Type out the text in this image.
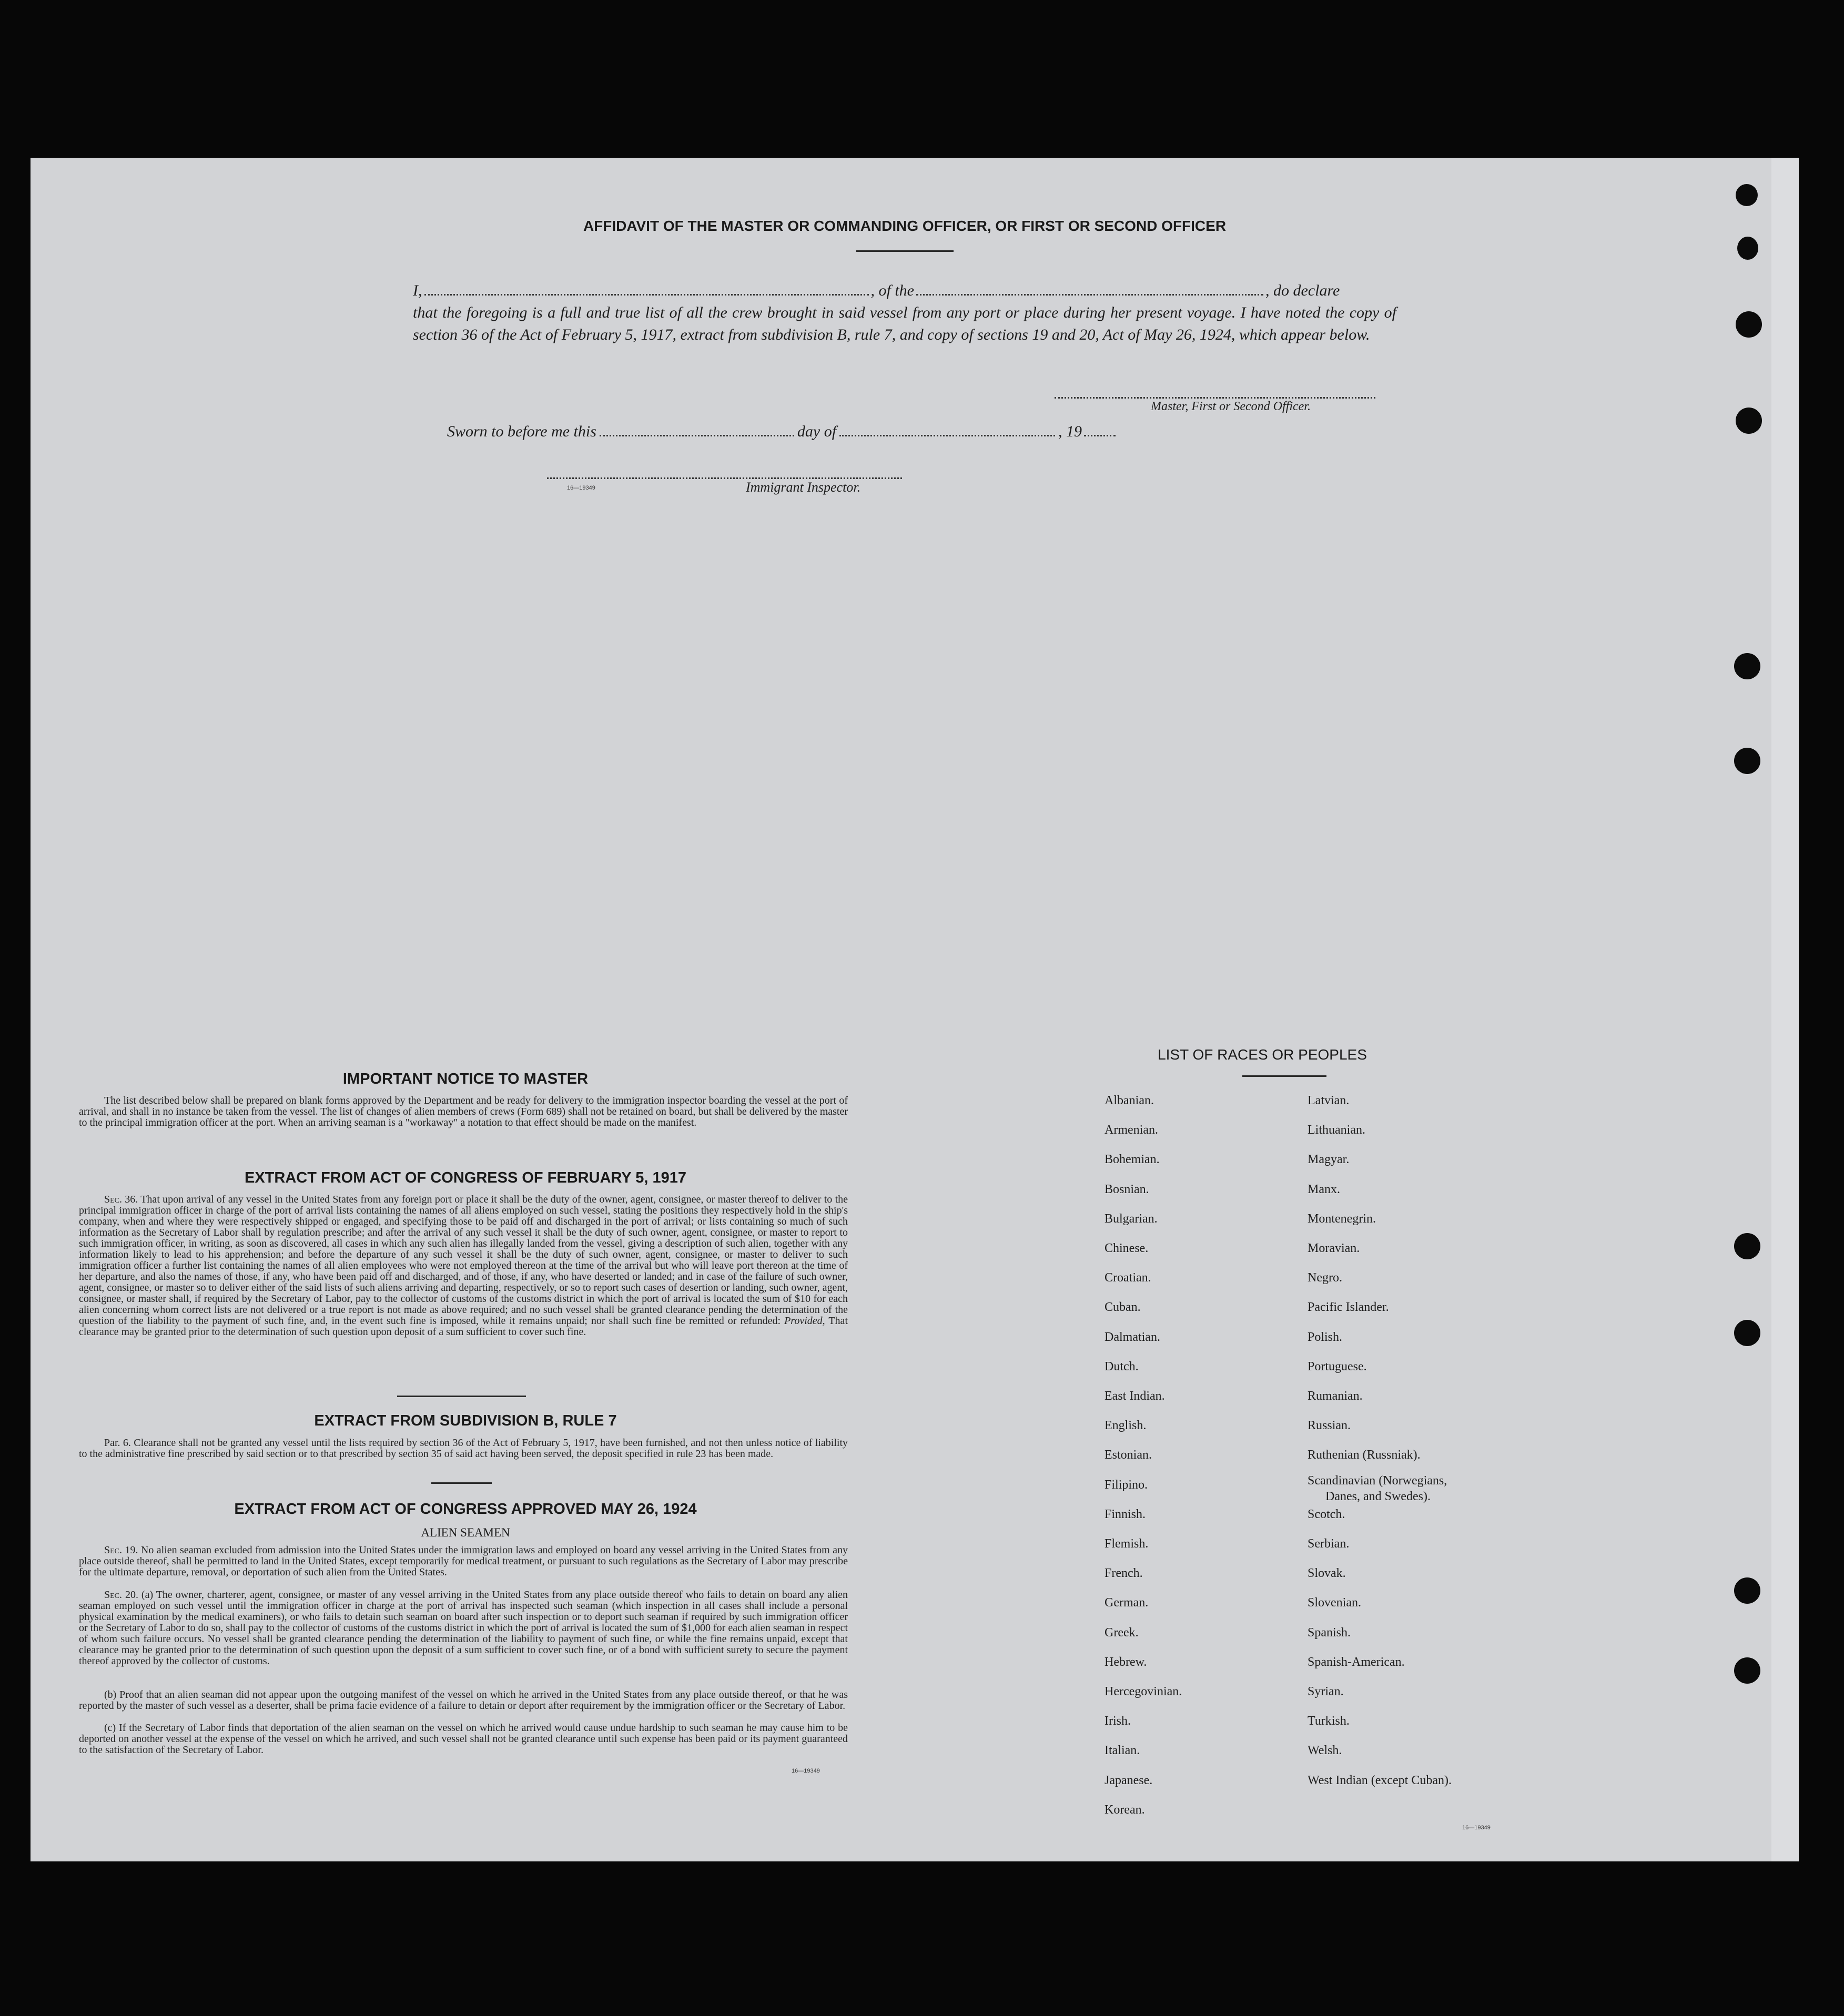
AFFIDAVIT OF THE MASTER OR COMMANDING OFFICER, OR FIRST OR SECOND OFFICER
I,	, of the	, do declare
that the foregoing is a full and true list of all the crew brought in said vessel from any port or place during her present voyage. I have noted the copy of section 36 of the Act of February 5, 1917, extract from subdivision B, rule 7, and copy of sections 19 and 20, Act of May 26, 1924, which appear below.
Master, First or Second Officer.
Sworn to before me this	day of	, 19
16—19349	Immigrant Inspector.
IMPORTANT NOTICE TO MASTER
The list described below shall be prepared on blank forms approved by the Department and be ready for delivery to the immigration inspector boarding the vessel at the port of arrival, and shall in no instance be taken from the vessel. The list of changes of alien members of crews (Form 689) shall not be retained on board, but shall be delivered by the master to the principal immigration officer at the port. When an arriving seaman is a "workaway" a notation to that effect should be made on the manifest.
EXTRACT FROM ACT OF CONGRESS OF FEBRUARY 5, 1917
Sec. 36. That upon arrival of any vessel in the United States from any foreign port or place it shall be the duty of the owner, agent, consignee, or master thereof to deliver to the principal immigration officer in charge of the port of arrival lists containing the names of all aliens employed on such vessel, stating the positions they respectively hold in the ship's company, when and where they were respectively shipped or engaged, and specifying those to be paid off and discharged in the port of arrival; or lists containing so much of such information as the Secretary of Labor shall by regulation prescribe; and after the arrival of any such vessel it shall be the duty of such owner, agent, consignee, or master to report to such immigration officer, in writing, as soon as discovered, all cases in which any such alien has illegally landed from the vessel, giving a description of such alien, together with any information likely to lead to his apprehension; and before the departure of any such vessel it shall be the duty of such owner, agent, consignee, or master to deliver to such immigration officer a further list containing the names of all alien employees who were not employed thereon at the time of the arrival but who will leave port thereon at the time of her departure, and also the names of those, if any, who have been paid off and discharged, and of those, if any, who have deserted or landed; and in case of the failure of such owner, agent, consignee, or master so to deliver either of the said lists of such aliens arriving and departing, respectively, or so to report such cases of desertion or landing, such owner, agent, consignee, or master shall, if required by the Secretary of Labor, pay to the collector of customs of the customs district in which the port of arrival is located the sum of $10 for each alien concerning whom correct lists are not delivered or a true report is not made as above required; and no such vessel shall be granted clearance pending the determination of the question of the liability to the payment of such fine, and, in the event such fine is imposed, while it remains unpaid; nor shall such fine be remitted or refunded: Provided, That clearance may be granted prior to the determination of such question upon deposit of a sum sufficient to cover such fine.
EXTRACT FROM SUBDIVISION B, RULE 7
Par. 6. Clearance shall not be granted any vessel until the lists required by section 36 of the Act of February 5, 1917, have been furnished, and not then unless notice of liability to the administrative fine prescribed by said section or to that prescribed by section 35 of said act having been served, the deposit specified in rule 23 has been made.
EXTRACT FROM ACT OF CONGRESS APPROVED MAY 26, 1924
ALIEN SEAMEN
Sec. 19. No alien seaman excluded from admission into the United States under the immigration laws and employed on board any vessel arriving in the United States from any place outside thereof, shall be permitted to land in the United States, except temporarily for medical treatment, or pursuant to such regulations as the Secretary of Labor may prescribe for the ultimate departure, removal, or deportation of such alien from the United States.
Sec. 20. (a) The owner, charterer, agent, consignee, or master of any vessel arriving in the United States from any place outside thereof who fails to detain on board any alien seaman employed on such vessel until the immigration officer in charge at the port of arrival has inspected such seaman (which inspection in all cases shall include a personal physical examination by the medical examiners), or who fails to detain such seaman on board after such inspection or to deport such seaman if required by such immigration officer or the Secretary of Labor to do so, shall pay to the collector of customs of the customs district in which the port of arrival is located the sum of $1,000 for each alien seaman in respect of whom such failure occurs. No vessel shall be granted clearance pending the determination of the liability to payment of such fine, or while the fine remains unpaid, except that clearance may be granted prior to the determination of such question upon the deposit of a sum sufficient to cover such fine, or of a bond with sufficient surety to secure the payment thereof approved by the collector of customs.
(b) Proof that an alien seaman did not appear upon the outgoing manifest of the vessel on which he arrived in the United States from any place outside thereof, or that he was reported by the master of such vessel as a deserter, shall be prima facie evidence of a failure to detain or deport after requirement by the immigration officer or the Secretary of Labor.
(c) If the Secretary of Labor finds that deportation of the alien seaman on the vessel on which he arrived would cause undue hardship to such seaman he may cause him to be deported on another vessel at the expense of the vessel on which he arrived, and such vessel shall not be granted clearance until such expense has been paid or its payment guaranteed to the satisfaction of the Secretary of Labor.
16—19349
LIST OF RACES OR PEOPLES
Albanian.
Armenian.
Bohemian.
Bosnian.
Bulgarian.
Chinese.
Croatian.
Cuban.
Dalmatian.
Dutch.
East Indian.
English.
Estonian.
Filipino.
Finnish.
Flemish.
French.
German.
Greek.
Hebrew.
Hercegovinian.
Irish.
Italian.
Japanese.
Korean.
Latvian.
Lithuanian.
Magyar.
Manx.
Montenegrin.
Moravian.
Negro.
Pacific Islander.
Polish.
Portuguese.
Rumanian.
Russian.
Ruthenian (Russniak).
Scandinavian (Norwegians,
Danes, and Swedes).
Scotch.
Serbian.
Slovak.
Slovenian.
Spanish.
Spanish-American.
Syrian.
Turkish.
Welsh.
West Indian (except Cuban).
16—19349
